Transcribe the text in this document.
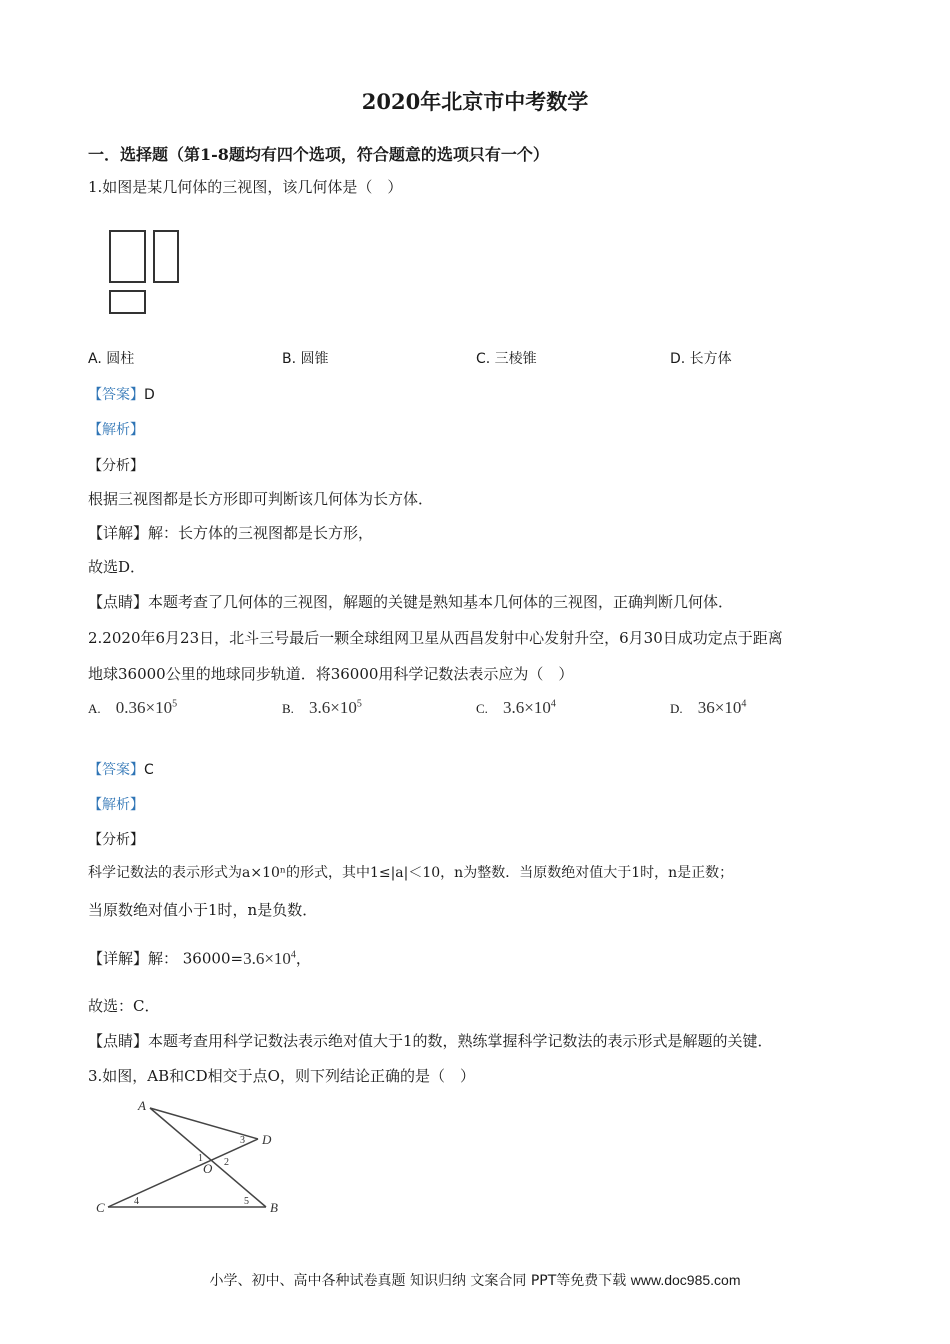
2020年北京市中考数学
一．选择题（第1-8题均有四个选项，符合题意的选项只有一个）
1.如图是某几何体的三视图，该几何体是（　）
A. 圆柱	B. 圆锥	C. 三棱锥	D. 长方体
【答案】D
【解析】
【分析】
根据三视图都是长方形即可判断该几何体为长方体．
【详解】解：长方体的三视图都是长方形，
故选D．
【点睛】本题考查了几何体的三视图，解题的关键是熟知基本几何体的三视图，正确判断几何体．
2.2020年6月23日，北斗三号最后一颗全球组网卫星从西昌发射中心发射升空，6月30日成功定点于距离
地球36000公里的地球同步轨道．将36000用科学记数法表示应为（　）
A. $0.36\times 10^5$	B. $3.6\times 10^5$	C. $3.6\times 10^4$	D. $36\times 10^4$
【答案】C
【解析】
【分析】
科学记数法的表示形式为a×10ⁿ的形式，其中1≤|a|＜10，n为整数．当原数绝对值大于1时，n是正数；
当原数绝对值小于1时，n是负数．
【详解】解： $36000=3.6\times 10^4$，
故选：C．
【点睛】本题考查用科学记数法表示绝对值大于1的数，熟练掌握科学记数法的表示形式是解题的关键．
3.如图，AB和CD相交于点O，则下列结论正确的是（　）
A
D
C	B
O
1 2
3
4	5
小学、初中、高中各种试卷真题 知识归纳 文案合同 PPT等免费下载 www.doc985.com
